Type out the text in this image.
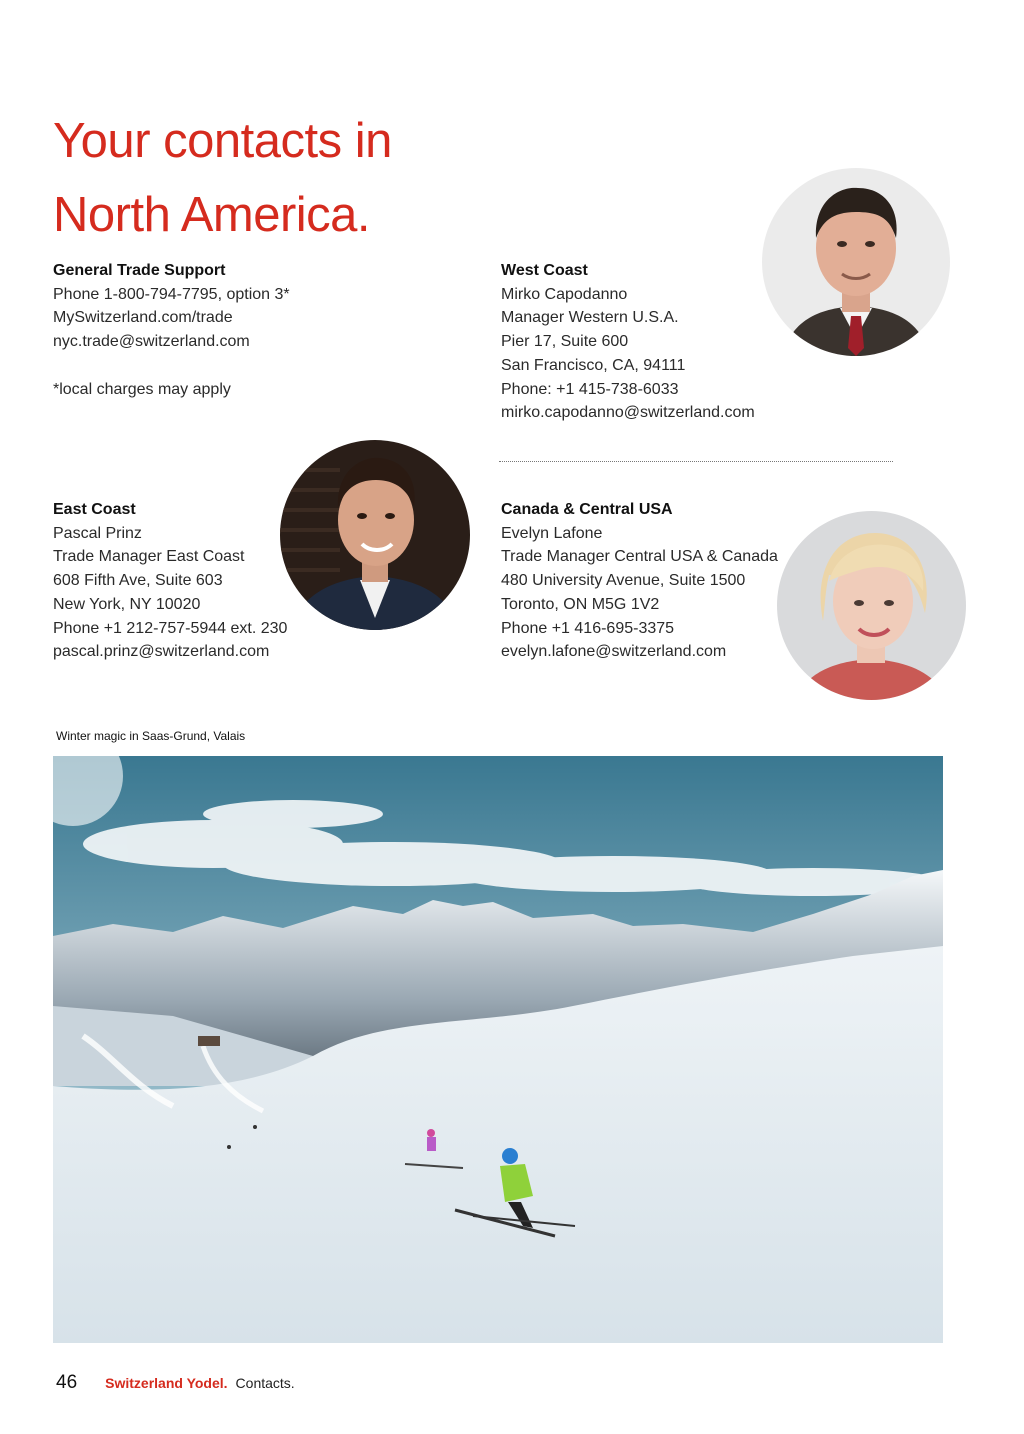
Your contacts in
North America.
General Trade Support
Phone 1-800-794-7795, option 3*
MySwitzerland.com/trade
nyc.trade@switzerland.com
*local charges may apply
West Coast
Mirko Capodanno
Manager Western U.S.A.
Pier 17, Suite 600
San Francisco, CA, 94111
Phone: +1 415-738-6033
mirko.capodanno@switzerland.com
East Coast
Pascal Prinz
Trade Manager East Coast
608 Fifth Ave, Suite 603
New York, NY 10020
Phone +1 212-757-5944 ext. 230
pascal.prinz@switzerland.com
Canada & Central USA
Evelyn Lafone
Trade Manager Central USA & Canada
480 University Avenue, Suite 1500
Toronto, ON M5G 1V2
Phone +1 416-695-3375
evelyn.lafone@switzerland.com
Winter magic in Saas-Grund, Valais
46 Switzerland Yodel. Contacts.
